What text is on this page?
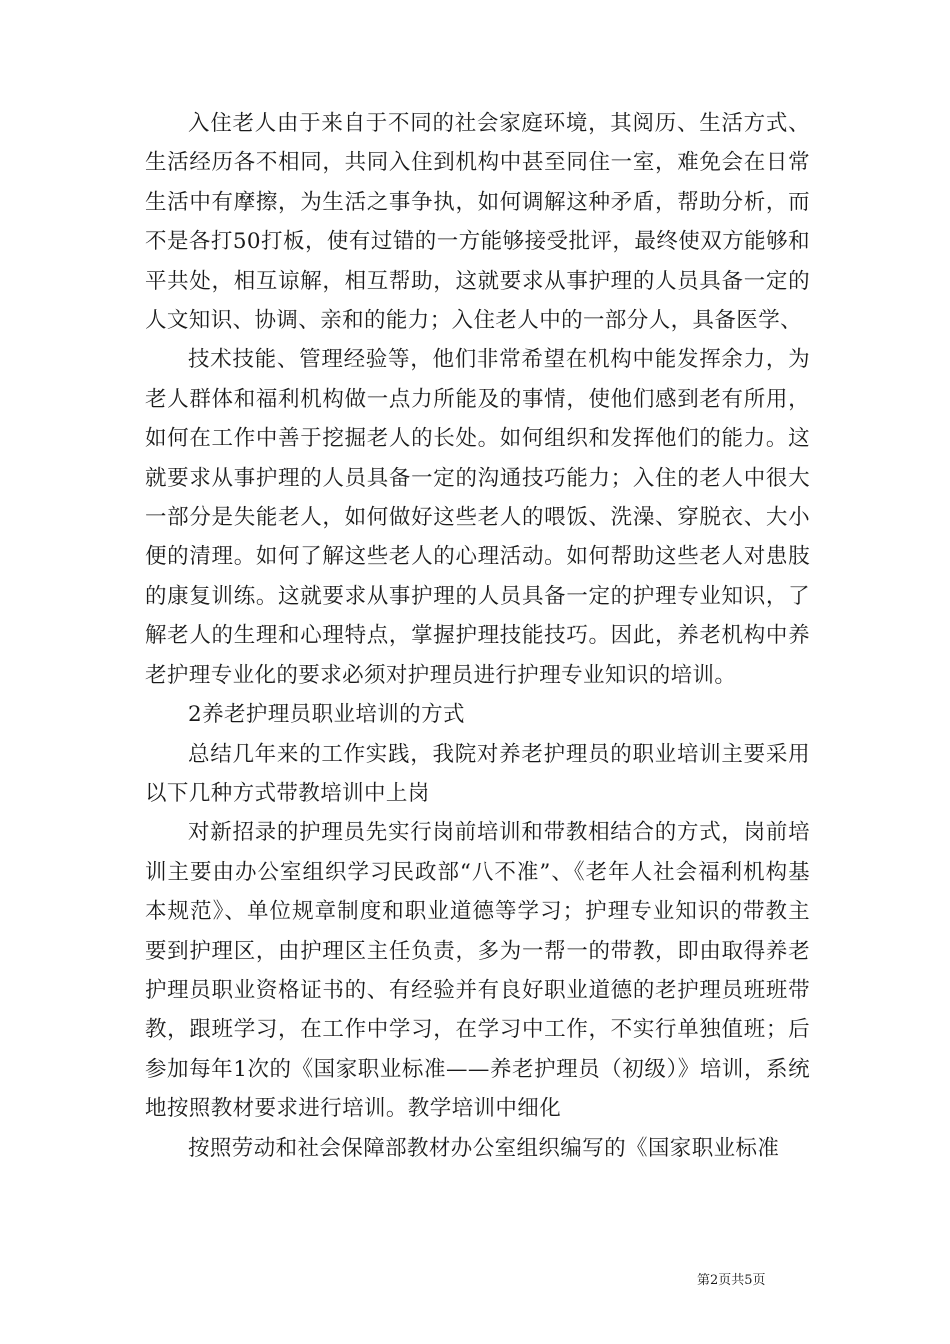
入住老人由于来自于不同的社会家庭环境，其阅历、生活方式、生活经历各不相同，共同入住到机构中甚至同住一室，难免会在日常生活中有摩擦，为生活之事争执，如何调解这种矛盾，帮助分析，而不是各打50打板，使有过错的一方能够接受批评，最终使双方能够和平共处，相互谅解，相互帮助，这就要求从事护理的人员具备一定的人文知识、协调、亲和的能力；入住老人中的一部分人，具备医学、

技术技能、管理经验等，他们非常希望在机构中能发挥余力，为老人群体和福利机构做一点力所能及的事情，使他们感到老有所用，如何在工作中善于挖掘老人的长处。如何组织和发挥他们的能力。这就要求从事护理的人员具备一定的沟通技巧能力；入住的老人中很大一部分是失能老人，如何做好这些老人的喂饭、洗澡、穿脱衣、大小便的清理。如何了解这些老人的心理活动。如何帮助这些老人对患肢的康复训练。这就要求从事护理的人员具备一定的护理专业知识，了解老人的生理和心理特点，掌握护理技能技巧。因此，养老机构中养老护理专业化的要求必须对护理员进行护理专业知识的培训。

2养老护理员职业培训的方式

总结几年来的工作实践，我院对养老护理员的职业培训主要采用以下几种方式带教培训中上岗

对新招录的护理员先实行岗前培训和带教相结合的方式，岗前培训主要由办公室组织学习民政部“八不准”、《老年人社会福利机构基本规范》、单位规章制度和职业道德等学习；护理专业知识的带教主要到护理区，由护理区主任负责，多为一帮一的带教，即由取得养老护理员职业资格证书的、有经验并有良好职业道德的老护理员班班带教，跟班学习，在工作中学习，在学习中工作，不实行单独值班；后参加每年1次的《国家职业标准——养老护理员（初级）》培训，系统地按照教材要求进行培训。教学培训中细化

按照劳动和社会保障部教材办公室组织编写的《国家职业标准

第2页共5页
